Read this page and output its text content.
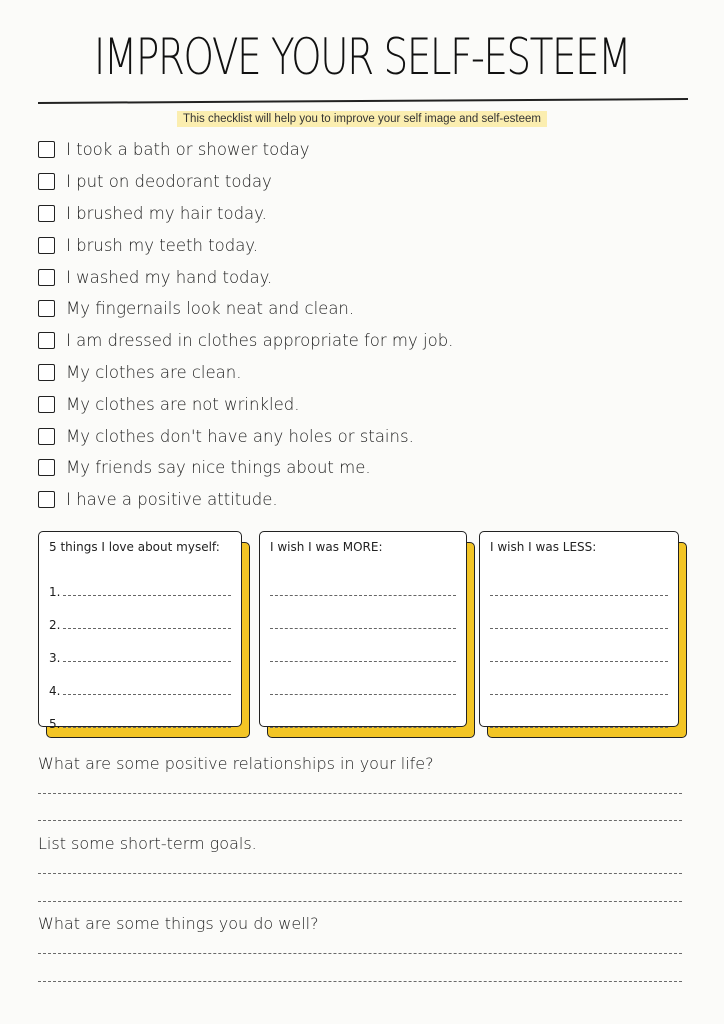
IMPROVE YOUR SELF-ESTEEM
This checklist will help you to improve your self image and self-esteem
I took a bath or shower today
I put on deodorant today
I brushed my hair today.
I brush my teeth today.
I washed my hand today.
My fingernails look neat and clean.
I am dressed in clothes appropriate for my job.
My clothes are clean.
My clothes are not wrinkled.
My clothes don't have any holes or stains.
My friends say nice things about me.
I have a positive attitude.
5 things I love about myself:
1.
2.
3.
4.
5.
I wish I was MORE:	I wish I was LESS:
What are some positive relationships in your life?
List some short-term goals.
What are some things you do well?
